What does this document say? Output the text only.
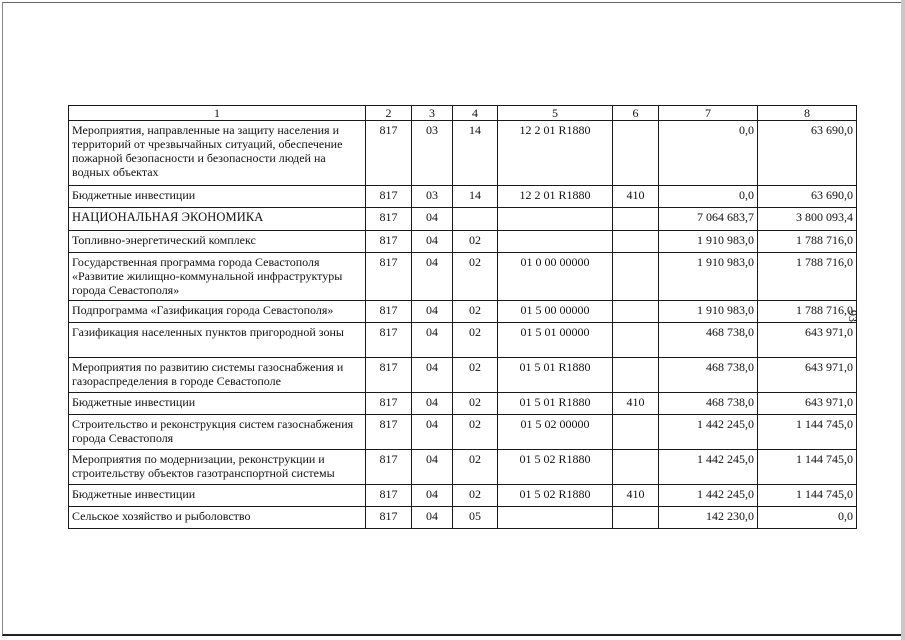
1	2	3	4	5	6	7	8
Мероприятия, направленные на защиту населения и территорий от чрезвычайных ситуаций, обеспечение пожарной безопасности и безопасности людей на водных объектах	817	03	14	12 2 01 R1880		0,0	63 690,0
Бюджетные инвестиции	817	03	14	12 2 01 R1880	410	0,0	63 690,0
НАЦИОНАЛЬНАЯ ЭКОНОМИКА	817	04				7 064 683,7	3 800 093,4
Топливно-энергетический комплекс	817	04	02			1 910 983,0	1 788 716,0
Государственная программа города Севастополя «Развитие жилищно-коммунальной инфраструктуры города Севастополя»	817	04	02	01 0 00 00000		1 910 983,0	1 788 716,0
Подпрограмма «Газификация города Севастополя»	817	04	02	01 5 00 00000		1 910 983,0	1 788 716,0
Газификация населенных пунктов пригородной зоны	817	04	02	01 5 01 00000		468 738,0	643 971,0
Мероприятия по развитию системы газоснабжения и газораспределения в городе Севастополе	817	04	02	01 5 01 R1880		468 738,0	643 971,0
Бюджетные инвестиции	817	04	02	01 5 01 R1880	410	468 738,0	643 971,0
Строительство и реконструкция систем газоснабжения города Севастополя	817	04	02	01 5 02 00000		1 442 245,0	1 144 745,0
Мероприятия по модернизации, реконструкции и строительству объектов газотранспортной системы	817	04	02	01 5 02 R1880		1 442 245,0	1 144 745,0
Бюджетные инвестиции	817	04	02	01 5 02 R1880	410	1 442 245,0	1 144 745,0
Сельское хозяйство и рыболовство	817	04	05			142 230,0	0,0
93
